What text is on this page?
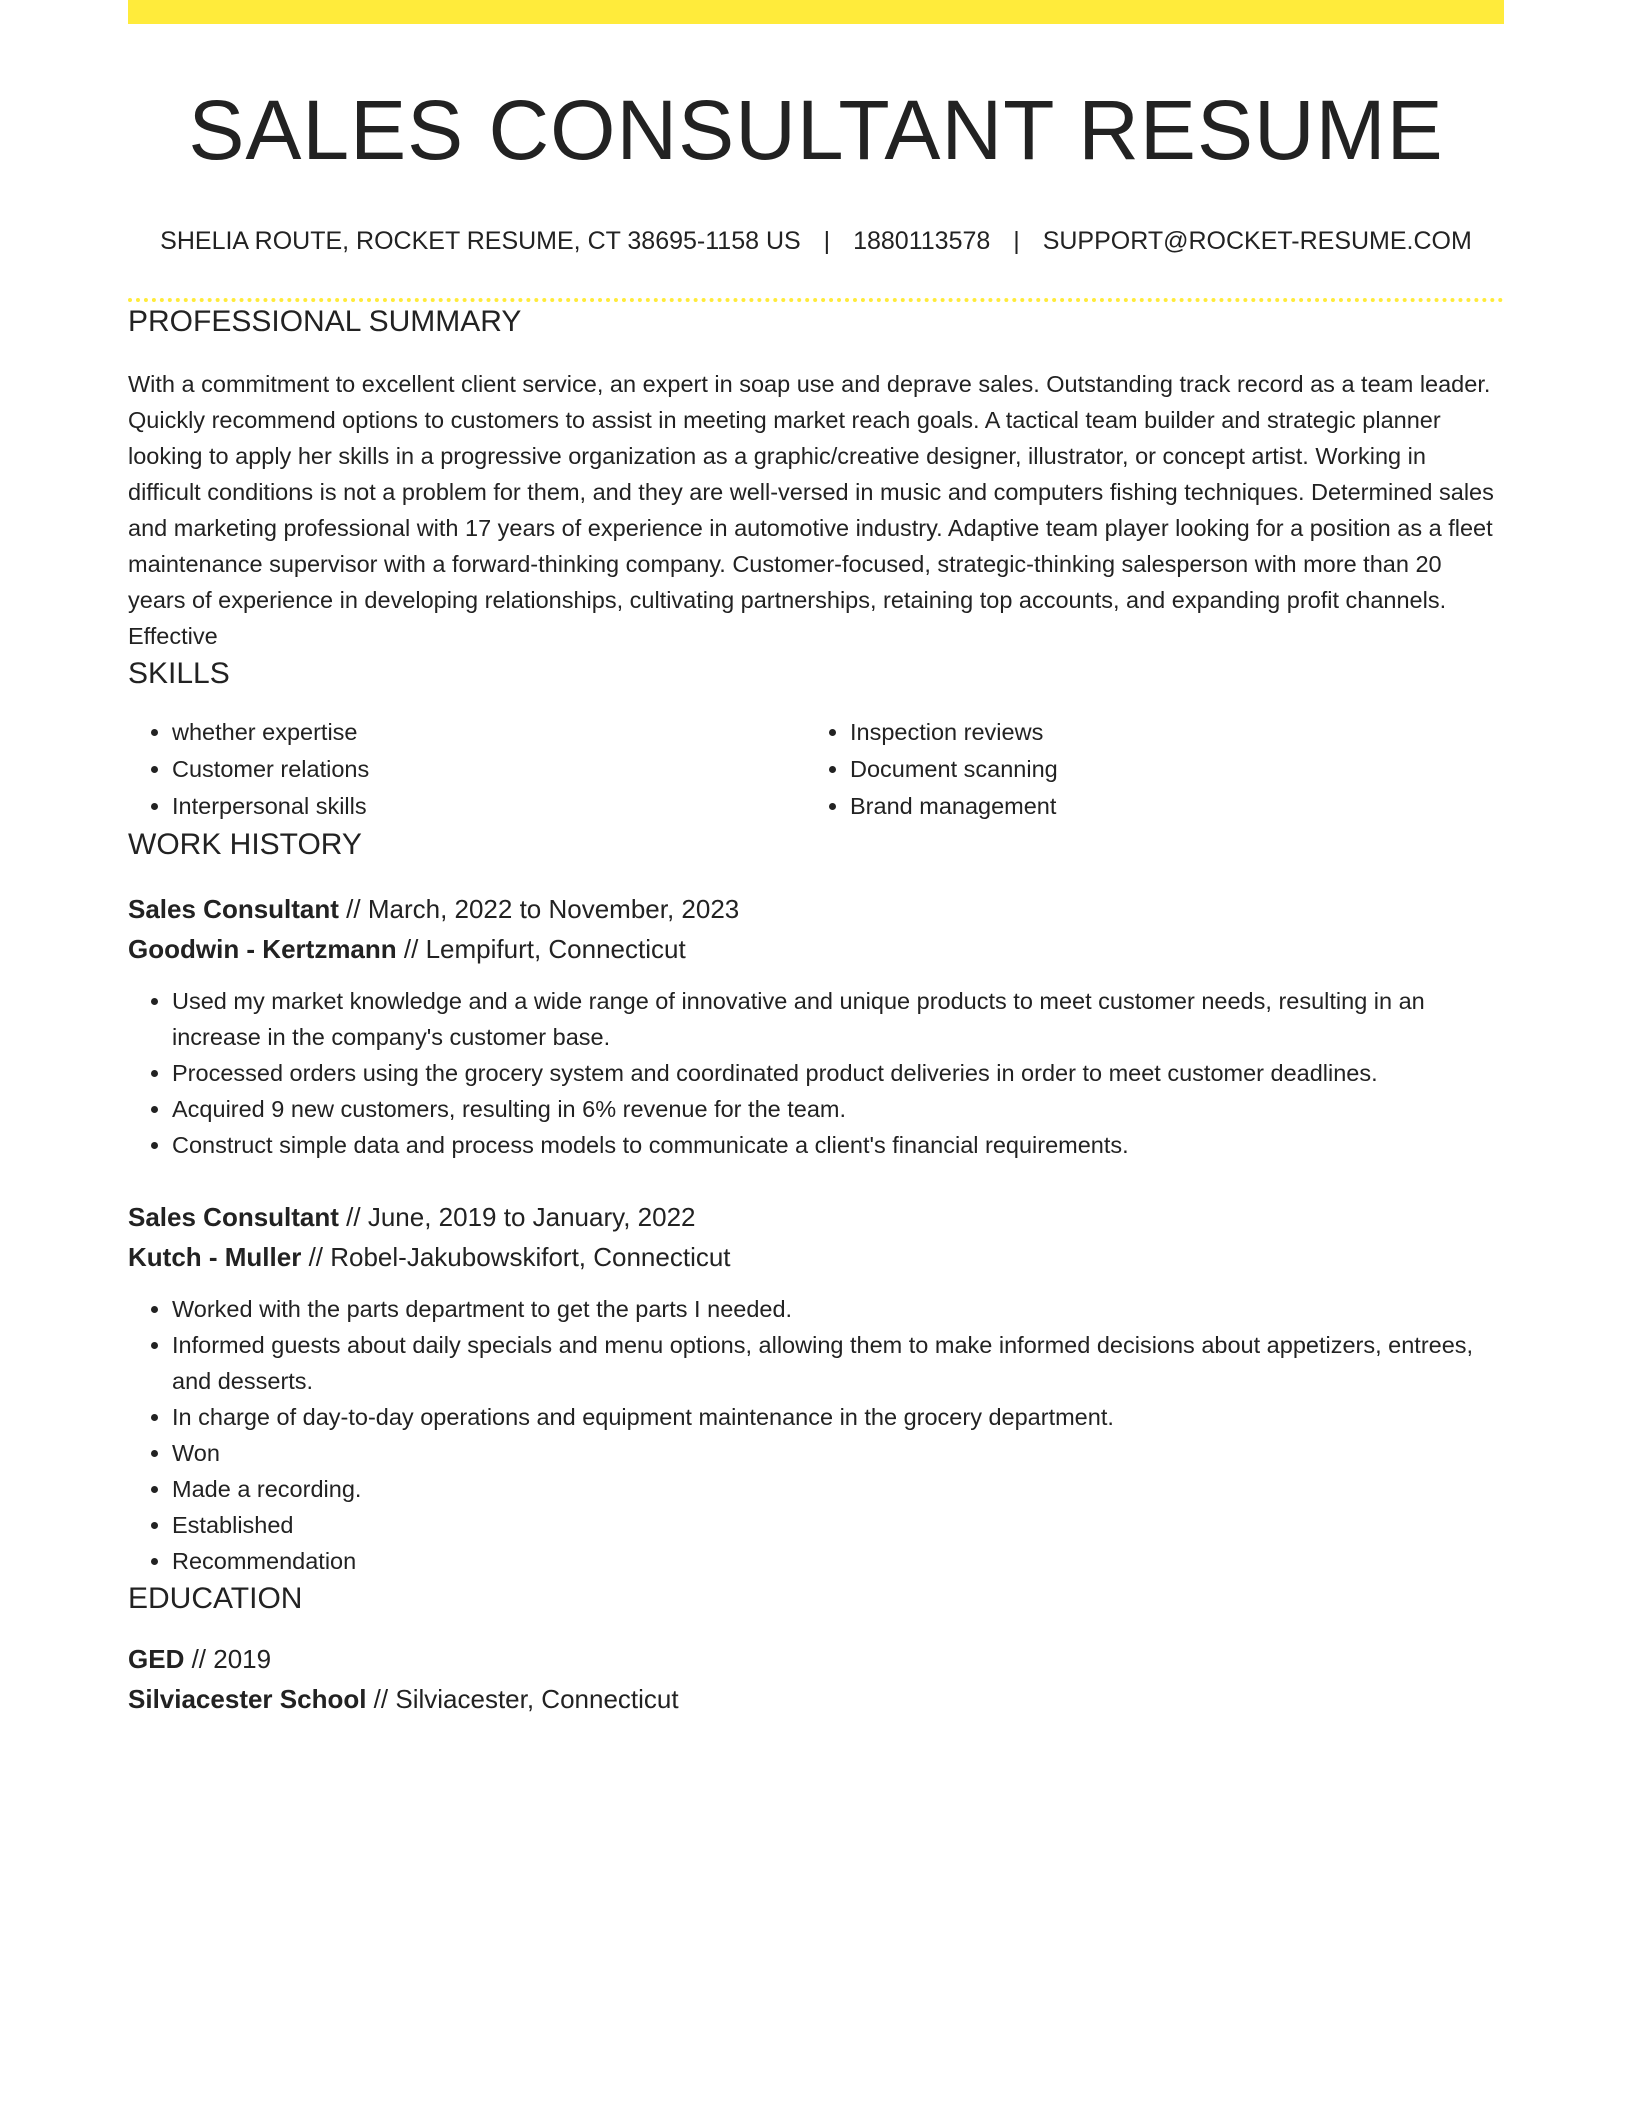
SALES CONSULTANT RESUME
SHELIA ROUTE, ROCKET RESUME, CT 38695-1158 US | 1880113578 | SUPPORT@ROCKET-RESUME.COM
PROFESSIONAL SUMMARY
With a commitment to excellent client service, an expert in soap use and deprave sales. Outstanding track record as a team leader. Quickly recommend options to customers to assist in meeting market reach goals. A tactical team builder and strategic planner looking to apply her skills in a progressive organization as a graphic/creative designer, illustrator, or concept artist. Working in difficult conditions is not a problem for them, and they are well-versed in music and computers fishing techniques. Determined sales and marketing professional with 17 years of experience in automotive industry. Adaptive team player looking for a position as a fleet maintenance supervisor with a forward-thinking company. Customer-focused, strategic-thinking salesperson with more than 20 years of experience in developing relationships, cultivating partnerships, retaining top accounts, and expanding profit channels. Effective
SKILLS
• whether expertise
• Customer relations
• Interpersonal skills
• Inspection reviews
• Document scanning
• Brand management
WORK HISTORY
Sales Consultant // March, 2022 to November, 2023
Goodwin - Kertzmann // Lempifurt, Connecticut
• Used my market knowledge and a wide range of innovative and unique products to meet customer needs, resulting in an increase in the company's customer base.
• Processed orders using the grocery system and coordinated product deliveries in order to meet customer deadlines.
• Acquired 9 new customers, resulting in 6% revenue for the team.
• Construct simple data and process models to communicate a client's financial requirements.
Sales Consultant // June, 2019 to January, 2022
Kutch - Muller // Robel-Jakubowskifort, Connecticut
• Worked with the parts department to get the parts I needed.
• Informed guests about daily specials and menu options, allowing them to make informed decisions about appetizers, entrees, and desserts.
• In charge of day-to-day operations and equipment maintenance in the grocery department.
• Won
• Made a recording.
• Established
• Recommendation
EDUCATION
GED // 2019
Silviacester School // Silviacester, Connecticut
